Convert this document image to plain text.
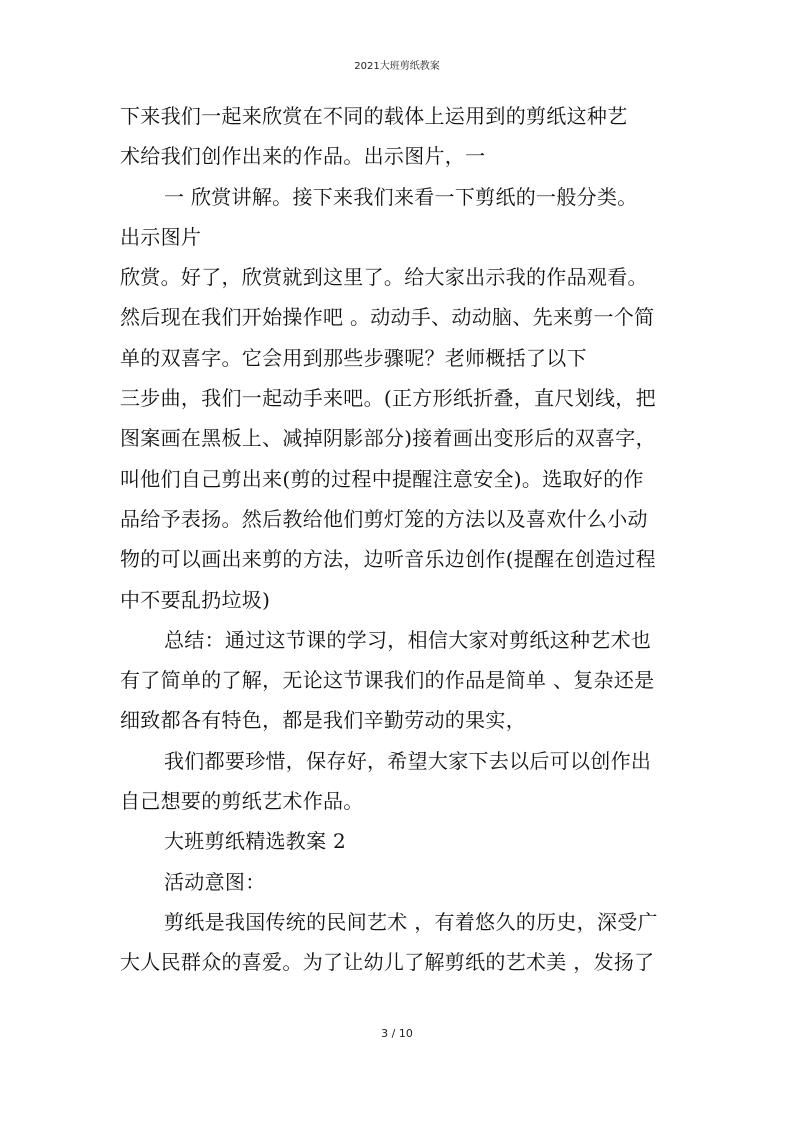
2021大班剪纸教案
下来我们一起来欣赏在不同的载体上运用到的剪纸这种艺
术给我们创作出来的作品。出示图片，一
一 欣赏讲解。接下来我们来看一下剪纸的一般分类。
出示图片
欣赏。好了，欣赏就到这里了。给大家出示我的作品观看。
然后现在我们开始操作吧 。动动手、动动脑、先来剪一个简
单的双喜字。它会用到那些步骤呢？老师概括了以下
三步曲，我们一起动手来吧。(正方形纸折叠，直尺划线，把
图案画在黑板上、减掉阴影部分)接着画出变形后的双喜字，
叫他们自己剪出来(剪的过程中提醒注意安全)。选取好的作
品给予表扬。然后教给他们剪灯笼的方法以及喜欢什么小动
物的可以画出来剪的方法，边听音乐边创作(提醒在创造过程
中不要乱扔垃圾)
总结：通过这节课的学习，相信大家对剪纸这种艺术也
有了简单的了解，无论这节课我们的作品是简单 、复杂还是
细致都各有特色，都是我们辛勤劳动的果实，
我们都要珍惜，保存好，希望大家下去以后可以创作出
自己想要的剪纸艺术作品。
大班剪纸精选教案 2
活动意图：
剪纸是我国传统的民间艺术 ，有着悠久的历史，深受广
大人民群众的喜爱。为了让幼儿了解剪纸的艺术美 ，发扬了
3 / 10
